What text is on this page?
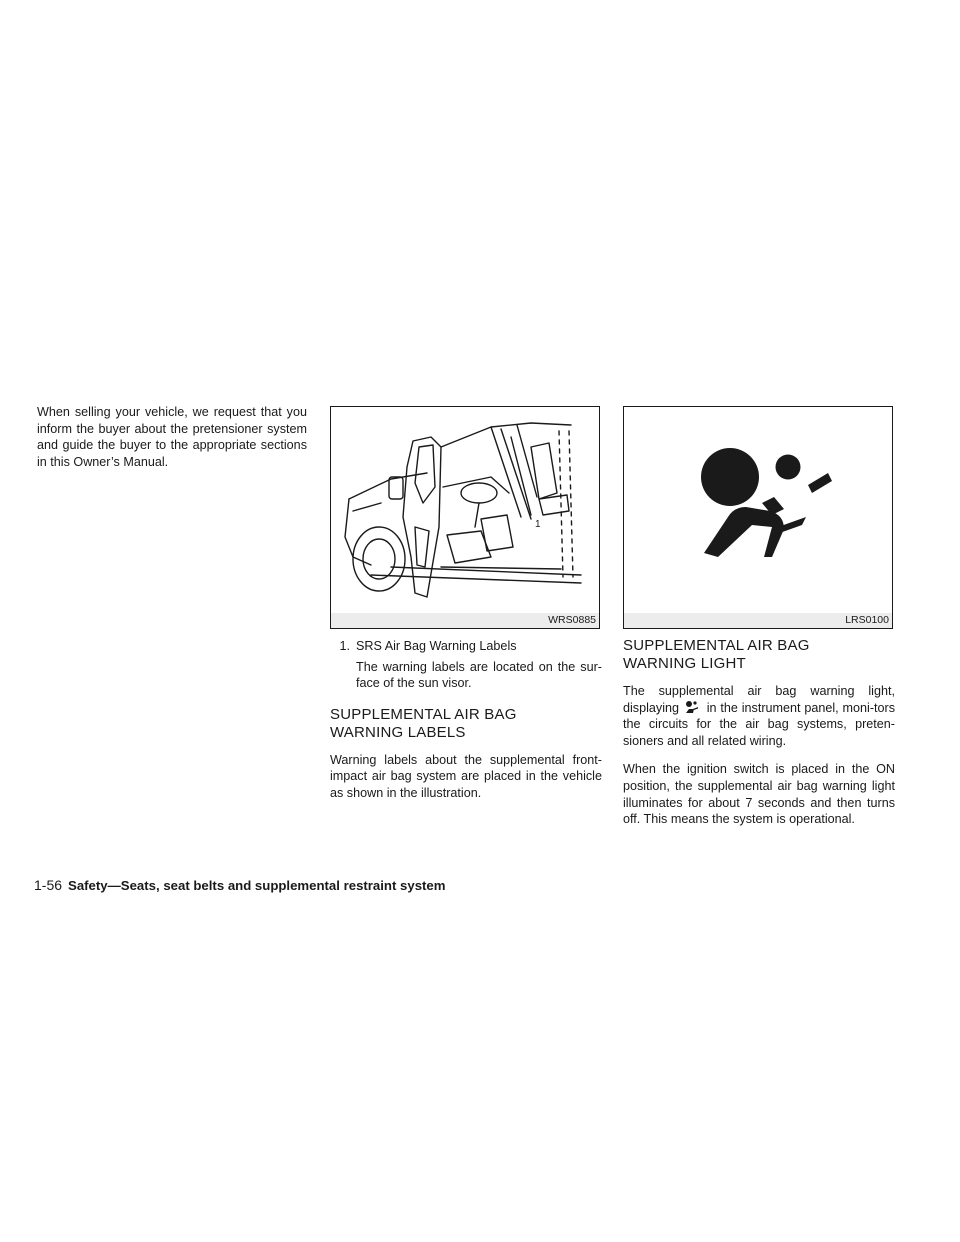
When selling your vehicle, we request that you inform the buyer about the pretensioner system and guide the buyer to the appropriate sections in this Owner’s Manual.

1
WRS0885
1. SRS Air Bag Warning Labels
The warning labels are located on the sur-face of the sun visor.
SUPPLEMENTAL AIR BAG
WARNING LABELS

Warning labels about the supplemental front-impact air bag system are placed in the vehicle as shown in the illustration.

LRS0100
SUPPLEMENTAL AIR BAG
WARNING LIGHT

The supplemental air bag warning light, displaying in the instrument panel, moni-tors the circuits for the air bag systems, preten-sioners and all related wiring.

When the ignition switch is placed in the ON position, the supplemental air bag warning light illuminates for about 7 seconds and then turns off. This means the system is operational.

1-56 Safety—Seats, seat belts and supplemental restraint system
